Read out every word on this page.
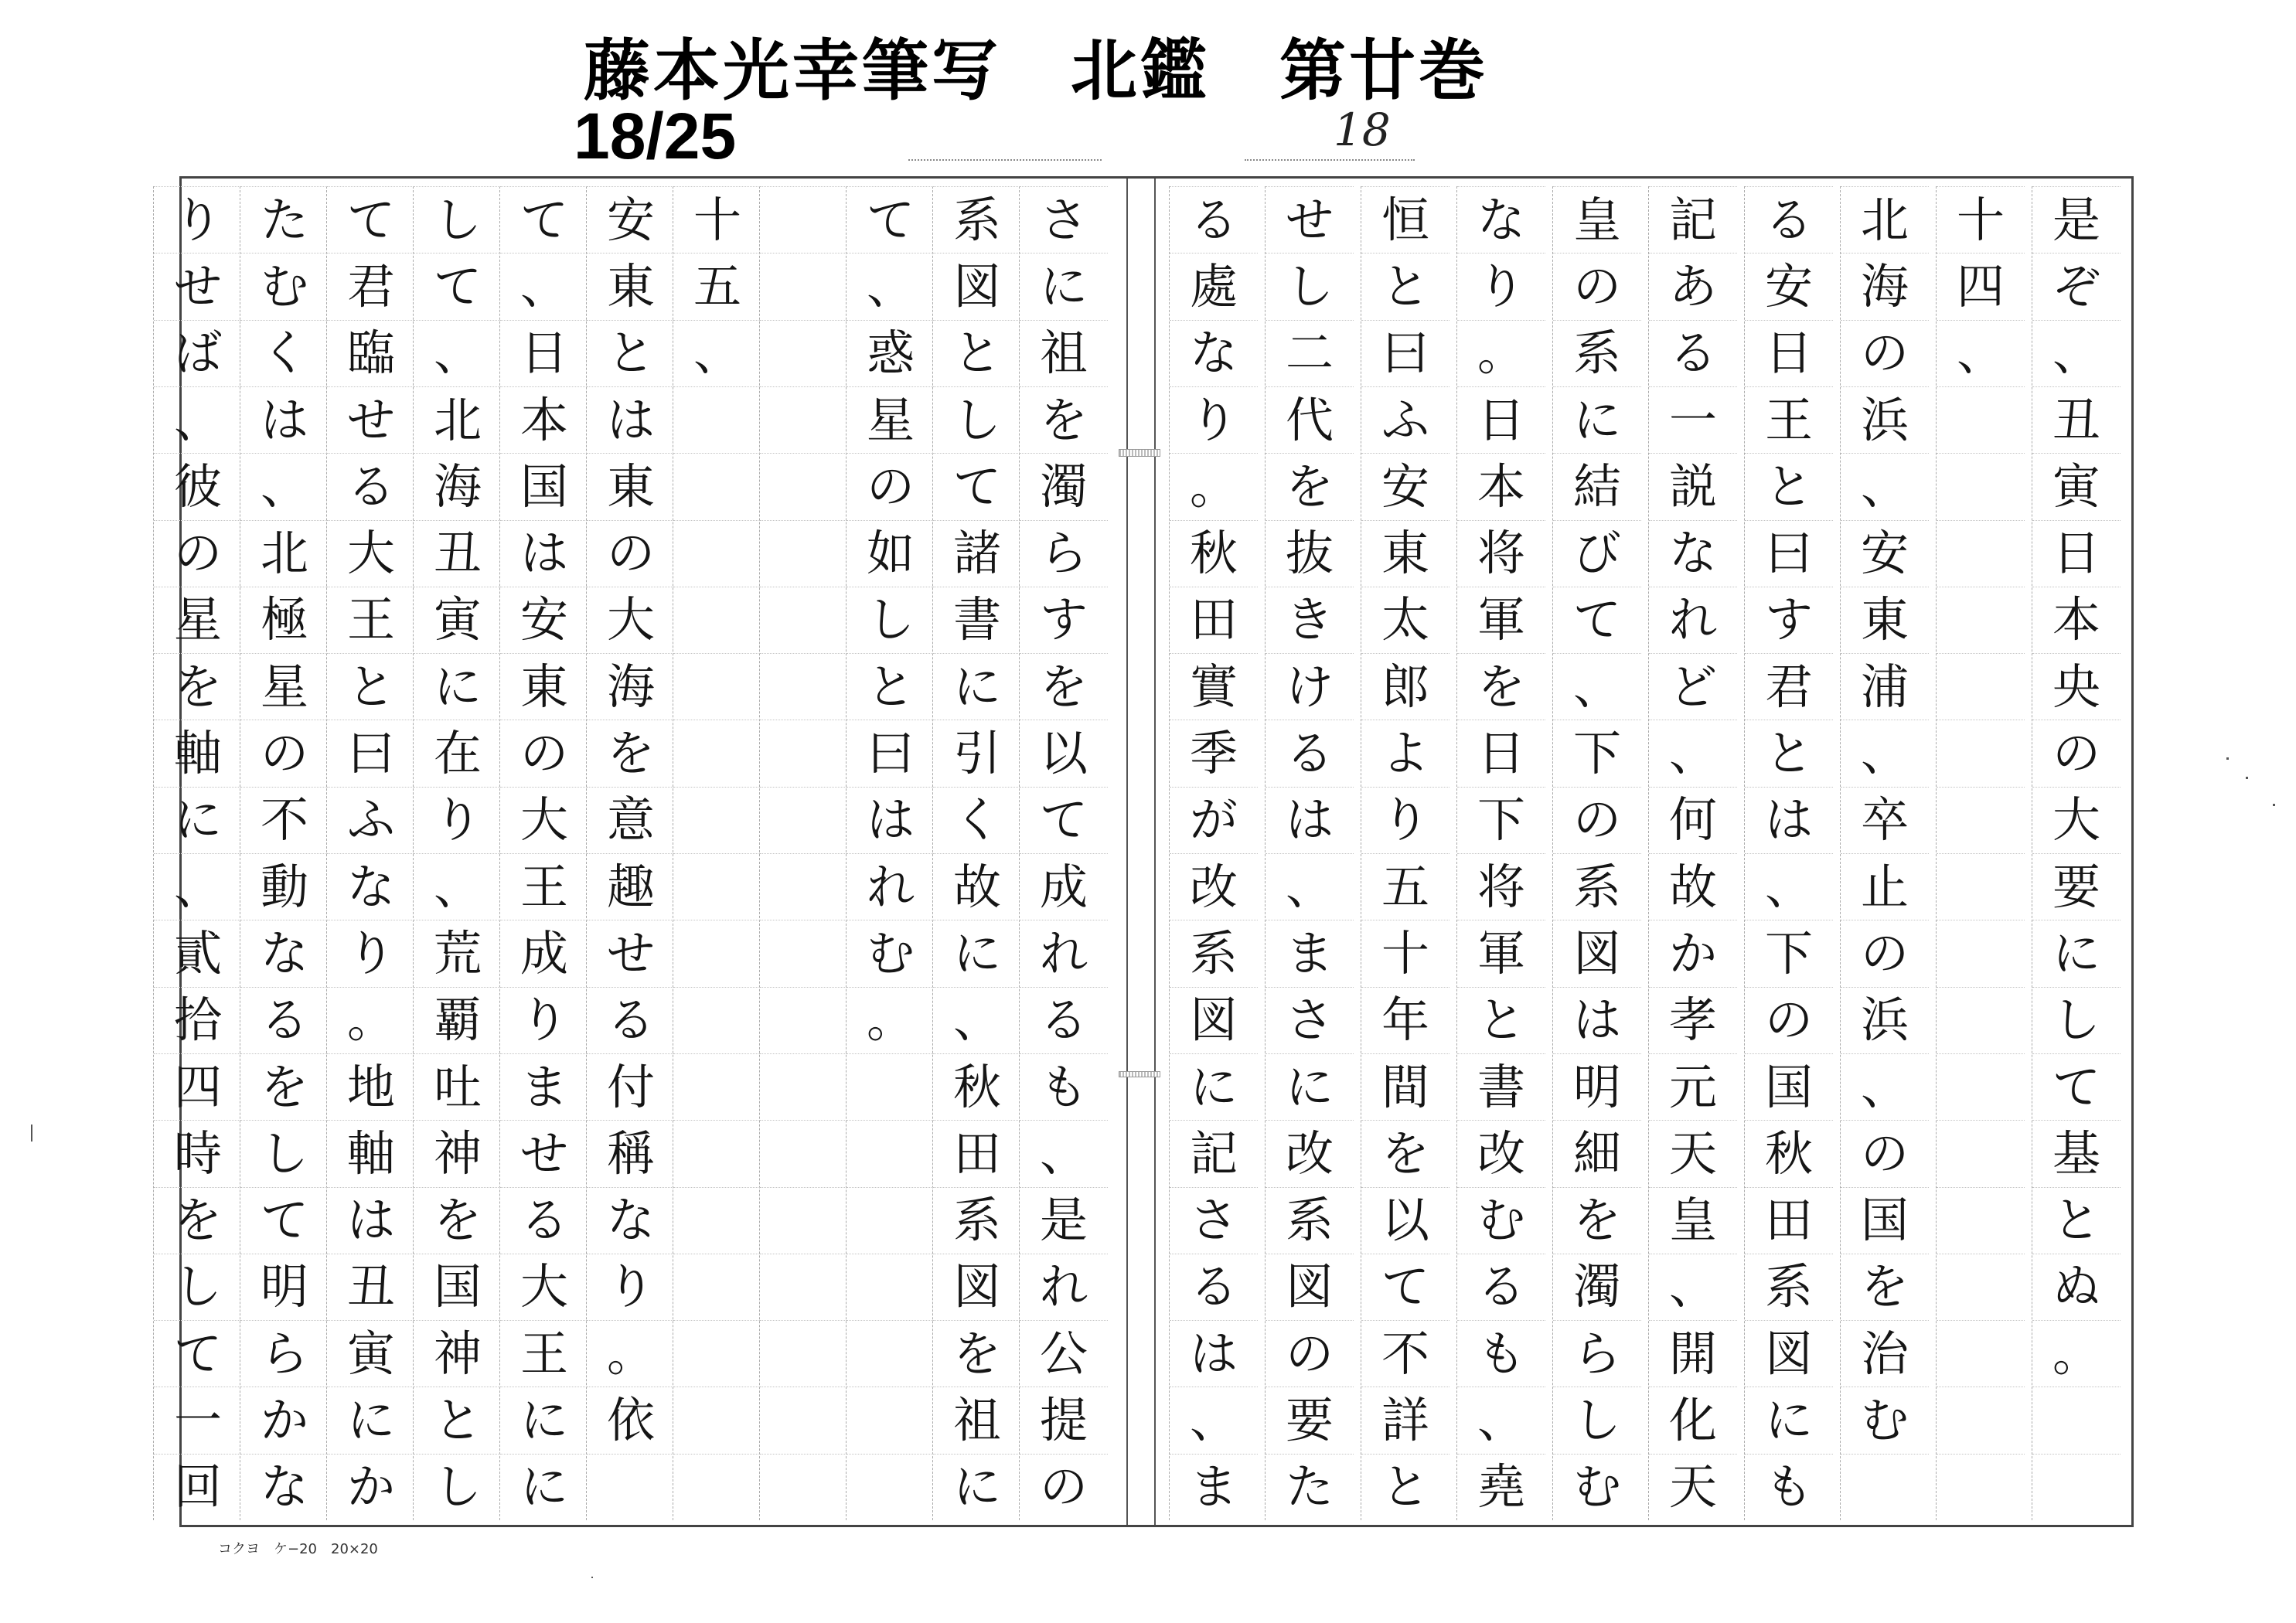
藤本光幸筆写　北鑑　第廿巻
18/25	18
是
ぞ
、
丑
寅
日
本
央
の
大
要
に
し
て
基
と
ぬ
。
十
四
、
北
海
の
浜
、
安
東
浦
、
卒
止
の
浜
、
の
国
を
治
む
る
安
日
王
と
曰
す
君
と
は
、
下
の
国
秋
田
系
図
に
も
記
あ
る
一
説
な
れ
ど
、
何
故
か
孝
元
天
皇
、
開
化
天
皇
の
系
に
結
び
て
、
下
の
系
図
は
明
細
を
濁
ら
し
む
な
り
。
日
本
将
軍
を
日
下
将
軍
と
書
改
む
る
も
、
堯
恒
と
曰
ふ
安
東
太
郎
よ
り
五
十
年
間
を
以
て
不
詳
と
せ
し
二
代
を
抜
き
け
る
は
、
ま
さ
に
改
系
図
の
要
た
る
處
な
り
。
秋
田
實
季
が
改
系
図
に
記
さ
る
は
、
ま
さ
に
祖
を
濁
ら
す
を
以
て
成
れ
る
も
、
是
れ
公
提
の
系
図
と
し
て
諸
書
に
引
く
故
に
、
秋
田
系
図
を
祖
に
て
、
惑
星
の
如
し
と
曰
は
れ
む
。
十
五
、
安
東
と
は
東
の
大
海
を
意
趣
せ
る
付
稱
な
り
。
依
て
、
日
本
国
は
安
東
の
大
王
成
り
ま
せ
る
大
王
に
に
し
て
、
北
海
丑
寅
に
在
り
、
荒
覇
吐
神
を
国
神
と
し
て
君
臨
せ
る
大
王
と
曰
ふ
な
り
。
地
軸
は
丑
寅
に
か
た
む
く
は
、
北
極
星
の
不
動
な
る
を
し
て
明
ら
か
な
り
せ
ば
、
彼
の
星
を
軸
に
、
貳
拾
四
時
を
し
て
一
回
コクヨ　ケ−20　20×20
